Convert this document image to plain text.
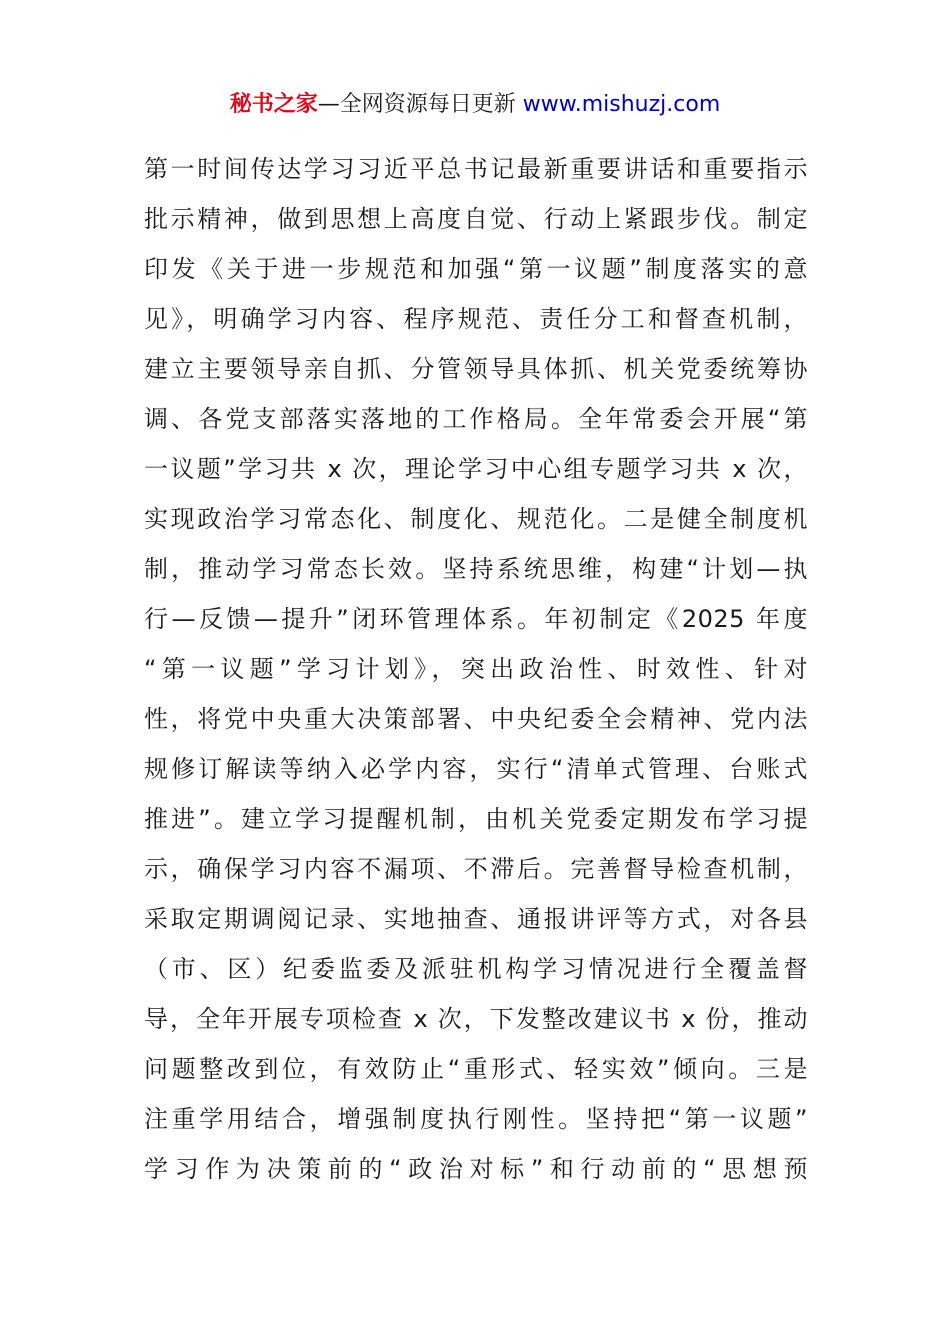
秘书之家—全网资源每日更新 www.mishuzj.com
第一时间传达学习习近平总书记最新重要讲话和重要指示
批示精神，做到思想上高度自觉、行动上紧跟步伐。制定
印发《关于进一步规范和加强“第一议题”制度落实的意
见》，明确学习内容、程序规范、责任分工和督查机制，
建立主要领导亲自抓、分管领导具体抓、机关党委统筹协
调、各党支部落实落地的工作格局。全年常委会开展“第
一议题”学习共 x 次，理论学习中心组专题学习共 x 次，
实现政治学习常态化、制度化、规范化。二是健全制度机
制，推动学习常态长效。坚持系统思维，构建“计划—执
行—反馈—提升”闭环管理体系。年初制定《2025 年度
“第一议题”学习计划》，突出政治性、时效性、针对
性，将党中央重大决策部署、中央纪委全会精神、党内法
规修订解读等纳入必学内容，实行“清单式管理、台账式
推进”。建立学习提醒机制，由机关党委定期发布学习提
示，确保学习内容不漏项、不滞后。完善督导检查机制，
采取定期调阅记录、实地抽查、通报讲评等方式，对各县
（市、区）纪委监委及派驻机构学习情况进行全覆盖督
导，全年开展专项检查 x 次，下发整改建议书 x 份，推动
问题整改到位，有效防止“重形式、轻实效”倾向。三是
注重学用结合，增强制度执行刚性。坚持把“第一议题”
学习作为决策前的“政治对标”和行动前的“思想预
